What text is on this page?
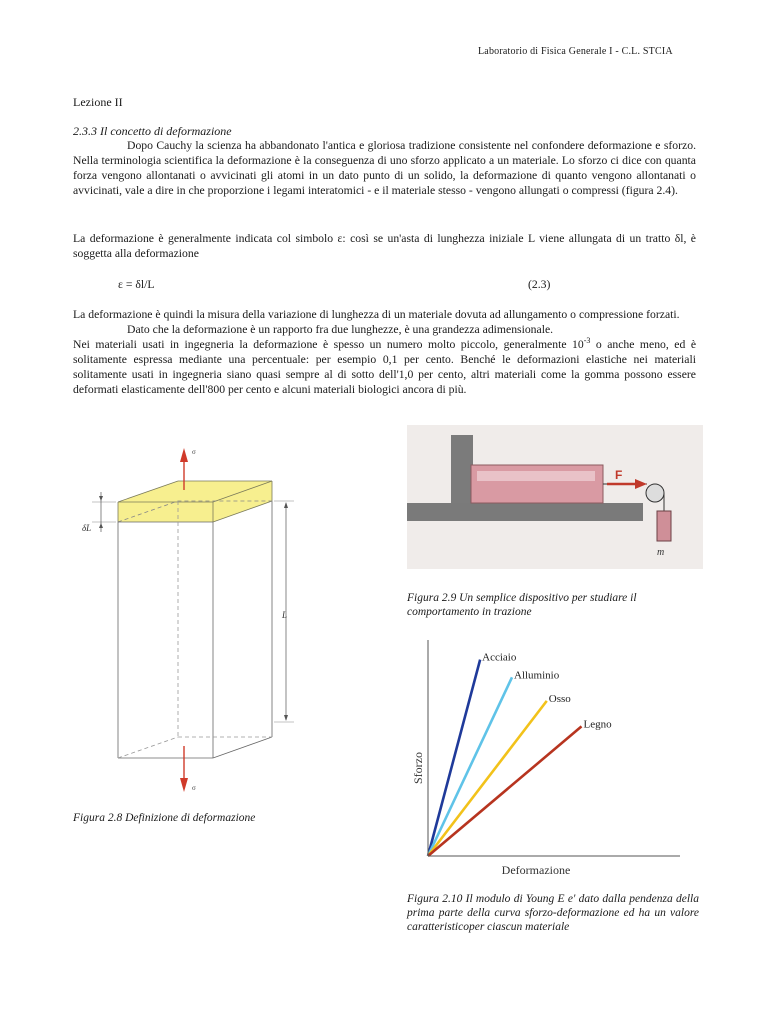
Laboratorio di Fisica Generale I - C.L. STCIA
Lezione II
2.3.3 Il concetto di deformazione
Dopo Cauchy la scienza ha abbandonato l'antica e gloriosa tradizione consistente nel confondere deformazione e sforzo. Nella terminologia scientifica la deformazione è la conseguenza di uno sforzo applicato a un materiale. Lo sforzo ci dice con quanta forza vengono allontanati o avvicinati gli atomi in un dato punto di un solido, la deformazione di quanto vengono allontanati o avvicinati, vale a dire in che proporzione i legami interatomici - e il materiale stesso - vengono allungati o compressi (figura 2.4).
La deformazione è generalmente indicata col simbolo ε: così se un'asta di lunghezza iniziale L viene allungata di un tratto δl, è soggetta alla deformazione
ε = δl/L	(2.3)
La deformazione è quindi la misura della variazione di lunghezza di un materiale dovuta ad allungamento o compressione forzati.
Dato che la deformazione è un rapporto fra due lunghezze, è una grandezza adimensionale.
Nei materiali usati in ingegneria la deformazione è spesso un numero molto piccolo, generalmente $10^{-3}$ o anche meno, ed è solitamente espressa mediante una percentuale: per esempio 0,1 per cento. Benché le deformazioni elastiche nei materiali solitamente usati in ingegneria siano quasi sempre al di sotto dell'1,0 per cento, altri materiali come la gomma possono essere deformati elasticamente dell'800 per cento e alcuni materiali biologici ancora di più.
σ
σ
δL
L
Figura 2.8 Definizione di deformazione
F
m
Figura 2.9 Un semplice dispositivo per studiare il comportamento in trazione
Acciaio
Alluminio
Osso
Legno
Sforzo
Deformazione
Figura 2.10 Il modulo di Young E e' dato dalla pendenza della prima parte della curva sforzo-deformazione ed ha un valore caratteristicoper ciascun materiale
